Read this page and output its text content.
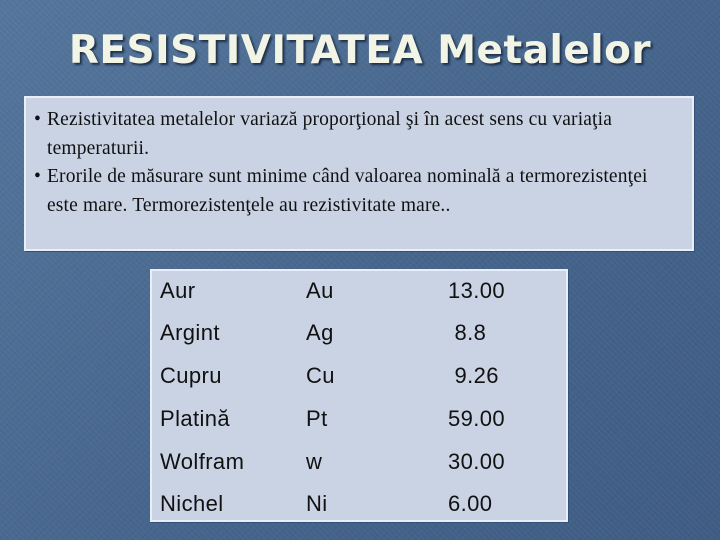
RESISTIVITATEA Metalelor

• Rezistivitatea metalelor variază proporţional şi în acest sens cu variaţia temperaturii.

• Erorile de măsurare sunt minime când valoarea nominală a termorezistenţei este mare. Termorezistenţele au rezistivitate mare..

Aur	Au	13.00
Argint	Ag	8.8
Cupru	Cu	9.26
Platină	Pt	59.00
Wolfram	w	30.00
Nichel	Ni	6.00
